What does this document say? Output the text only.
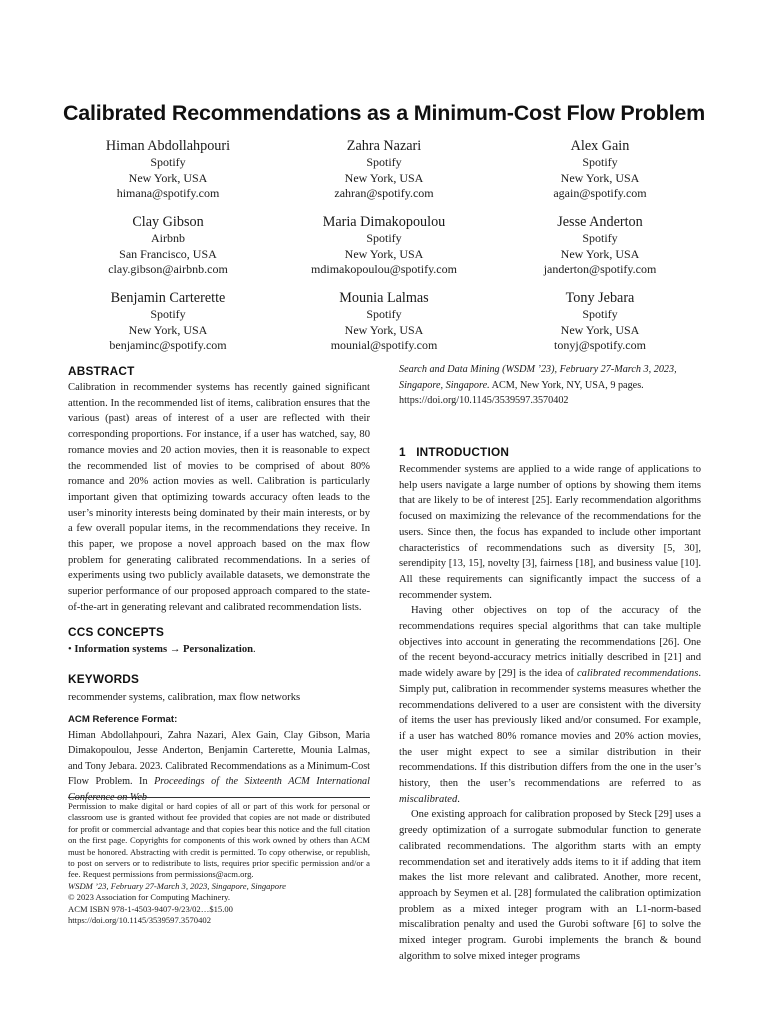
Calibrated Recommendations as a Minimum-Cost Flow Problem
Himan Abdollahpouri
Spotify
New York, USA
himana@spotify.com
Zahra Nazari
Spotify
New York, USA
zahran@spotify.com
Alex Gain
Spotify
New York, USA
again@spotify.com
Clay Gibson
Airbnb
San Francisco, USA
clay.gibson@airbnb.com
Maria Dimakopoulou
Spotify
New York, USA
mdimakopoulou@spotify.com
Jesse Anderton
Spotify
New York, USA
janderton@spotify.com
Benjamin Carterette
Spotify
New York, USA
benjaminc@spotify.com
Mounia Lalmas
Spotify
New York, USA
mounial@spotify.com
Tony Jebara
Spotify
New York, USA
tonyj@spotify.com
ABSTRACT
Calibration in recommender systems has recently gained significant attention. In the recommended list of items, calibration ensures that the various (past) areas of interest of a user are reflected with their corresponding proportions. For instance, if a user has watched, say, 80 romance movies and 20 action movies, then it is reasonable to expect the recommended list of movies to be comprised of about 80% romance and 20% action movies as well. Calibration is particularly important given that optimizing towards accuracy often leads to the user’s minority interests being dominated by their main interests, or by a few overall popular items, in the recommendations they receive. In this paper, we propose a novel approach based on the max flow problem for generating calibrated recommendations. In a series of experiments using two publicly available datasets, we demonstrate the superior performance of our proposed approach compared to the state-of-the-art in generating relevant and calibrated recommendation lists.
CCS CONCEPTS
• Information systems → Personalization.
KEYWORDS
recommender systems, calibration, max flow networks
ACM Reference Format:
Himan Abdollahpouri, Zahra Nazari, Alex Gain, Clay Gibson, Maria Dimakopoulou, Jesse Anderton, Benjamin Carterette, Mounia Lalmas, and Tony Jebara. 2023. Calibrated Recommendations as a Minimum-Cost Flow Problem. In Proceedings of the Sixteenth ACM International Conference on Web
Permission to make digital or hard copies of all or part of this work for personal or classroom use is granted without fee provided that copies are not made or distributed for profit or commercial advantage and that copies bear this notice and the full citation on the first page. Copyrights for components of this work owned by others than ACM must be honored. Abstracting with credit is permitted. To copy otherwise, or republish, to post on servers or to redistribute to lists, requires prior specific permission and/or a fee. Request permissions from permissions@acm.org.
WSDM ’23, February 27-March 3, 2023, Singapore, Singapore
© 2023 Association for Computing Machinery.
ACM ISBN 978-1-4503-9407-9/23/02…$15.00
https://doi.org/10.1145/3539597.3570402
Search and Data Mining (WSDM ’23), February 27-March 3, 2023, Singapore, Singapore. ACM, New York, NY, USA, 9 pages. https://doi.org/10.1145/3539597.3570402
1 INTRODUCTION
Recommender systems are applied to a wide range of applications to help users navigate a large number of options by showing them items that are likely to be of interest [25]. Early recommendation algorithms focused on maximizing the relevance of the recommendations for the users. Since then, the focus has expanded to include other important characteristics of recommendations such as diversity [5, 30], serendipity [13, 15], novelty [3], fairness [18], and business value [10]. All these requirements can significantly impact the success of a recommender system.
Having other objectives on top of the accuracy of the recommendations requires special algorithms that can take multiple objectives into account in generating the recommendations [26]. One of the recent beyond-accuracy metrics initially described in [21] and made widely aware by [29] is the idea of calibrated recommendations. Simply put, calibration in recommender systems measures whether the recommendations delivered to a user are consistent with the diversity of items the user has previously liked and/or consumed. For example, if a user has watched 80% romance movies and 20% action movies, the user might expect to see a similar distribution in their recommendations. If this distribution differs from the one in the user’s history, then the user’s recommendations are referred to as miscalibrated.
One existing approach for calibration proposed by Steck [29] uses a greedy optimization of a surrogate submodular function to generate calibrated recommendations. The algorithm starts with an empty recommendation set and iteratively adds items to it if adding that item makes the list more relevant and calibrated. Another, more recent, approach by Seymen et al. [28] formulated the calibration optimization problem as a mixed integer program with an L1-norm-based miscalibration penalty and used the Gurobi software [6] to solve the mixed integer program. Gurobi implements the branch & bound algorithm to solve mixed integer programs
